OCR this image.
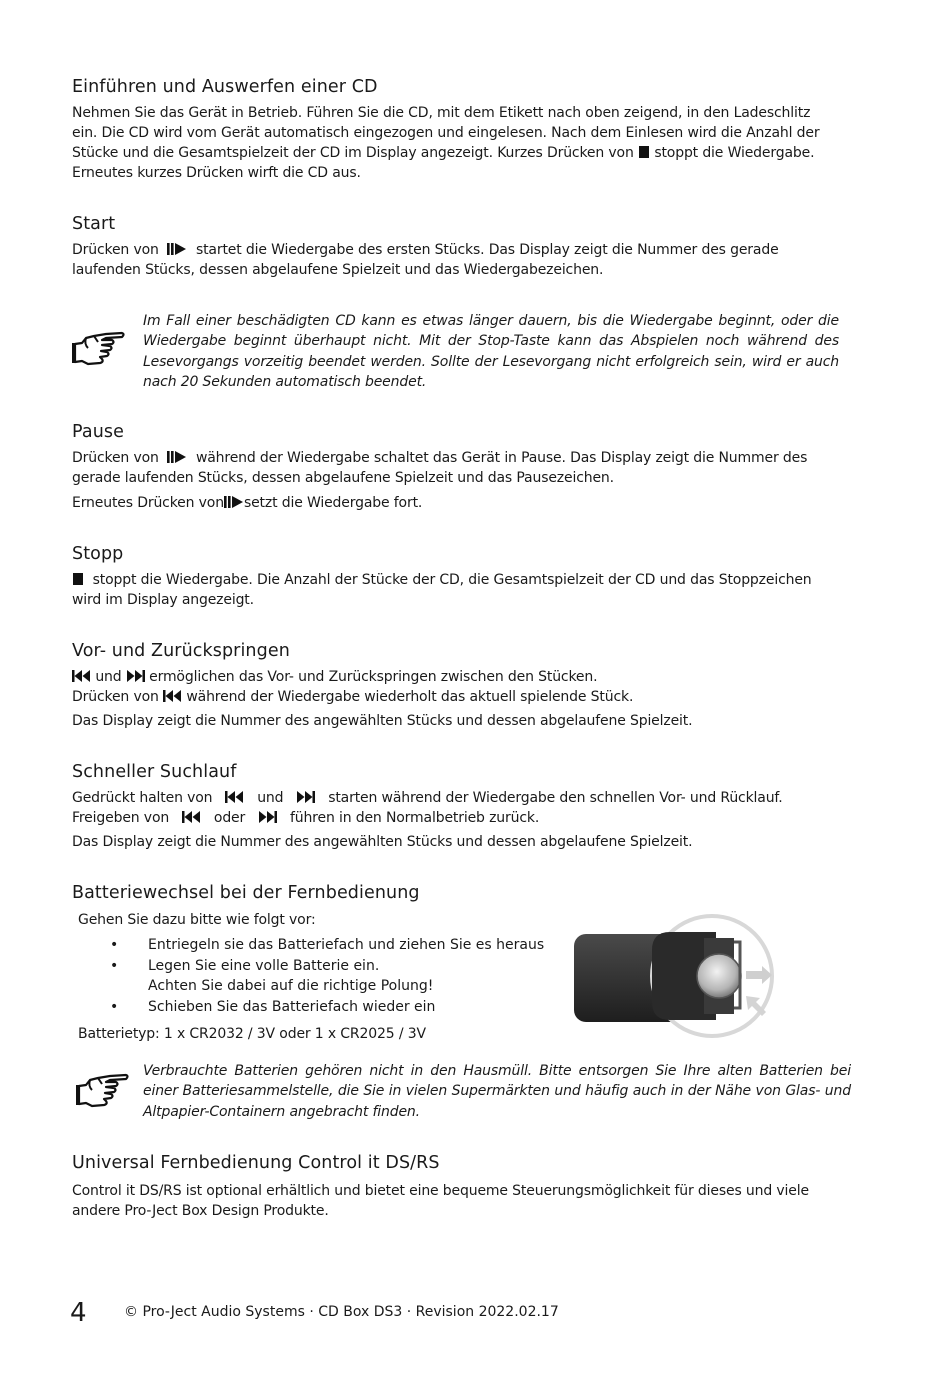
Einführen und Auswerfen einer CD

Nehmen Sie das Gerät in Betrieb. Führen Sie die CD, mit dem Etikett nach oben zeigend, in den Ladeschlitz

ein. Die CD wird vom Gerät automatisch eingezogen und eingelesen. Nach dem Einlesen wird die Anzahl der

Stücke und die Gesamtspielzeit der CD im Display angezeigt. Kurzes Drücken von stoppt die Wiedergabe.

Erneutes kurzes Drücken wirft die CD aus.

Start
Drücken von	startet die Wiedergabe des ersten Stücks. Das Display zeigt die Nummer des gerade

laufenden Stücks, dessen abgelaufene Spielzeit und das Wiedergabezeichen.

Im Fall einer beschädigten CD kann es etwas länger dauern, bis die Wiedergabe beginnt, oder die Wiedergabe beginnt überhaupt nicht. Mit der Stop-Taste kann das Abspielen noch während des Lesevorgangs vorzeitig beendet werden. Sollte der Lesevorgang nicht erfolgreich sein, wird er auch nach 20 Sekunden automatisch beendet.
Pause
Drücken von	während der Wiedergabe schaltet das Gerät in Pause. Das Display zeigt die Nummer des

gerade laufenden Stücks, dessen abgelaufene Spielzeit und das Pausezeichen.

Erneutes Drücken von setzt die Wiedergabe fort.
Stopp
stoppt die Wiedergabe. Die Anzahl der Stücke der CD, die Gesamtspielzeit der CD und das Stoppzeichen

wird im Display angezeigt.

Vor- und Zurückspringen
und ermöglichen das Vor- und Zurückspringen zwischen den Stücken.
Drücken von während der Wiedergabe wiederholt das aktuell spielende Stück.

Das Display zeigt die Nummer des angewählten Stücks und dessen abgelaufene Spielzeit.

Schneller Suchlauf
Gedrückt halten von	und	starten während der Wiedergabe den schnellen Vor- und Rücklauf.
Freigeben von	oder	führen in den Normalbetrieb zurück.

Das Display zeigt die Nummer des angewählten Stücks und dessen abgelaufene Spielzeit.

Batteriewechsel bei der Fernbedienung

Gehen Sie dazu bitte wie folgt vor:

• Entriegeln sie das Batteriefach und ziehen Sie es heraus
• Legen Sie eine volle Batterie ein.
Achten Sie dabei auf die richtige Polung!
• Schieben Sie das Batteriefach wieder ein

Batterietyp: 1 x CR2032 / 3V oder 1 x CR2025 / 3V

Verbrauchte Batterien gehören nicht in den Hausmüll. Bitte entsorgen Sie Ihre alten Batterien bei einer Batteriesammelstelle, die Sie in vielen Supermärkten und häufig auch in der Nähe von Glas- und Altpapier-Containern angebracht finden.
Universal Fernbedienung Control it DS/RS

Control it DS/RS ist optional erhältlich und bietet eine bequeme Steuerungsmöglichkeit für dieses und viele

andere Pro-Ject Box Design Produkte.

4	© Pro-Ject Audio Systems · CD Box DS3 · Revision 2022.02.17
